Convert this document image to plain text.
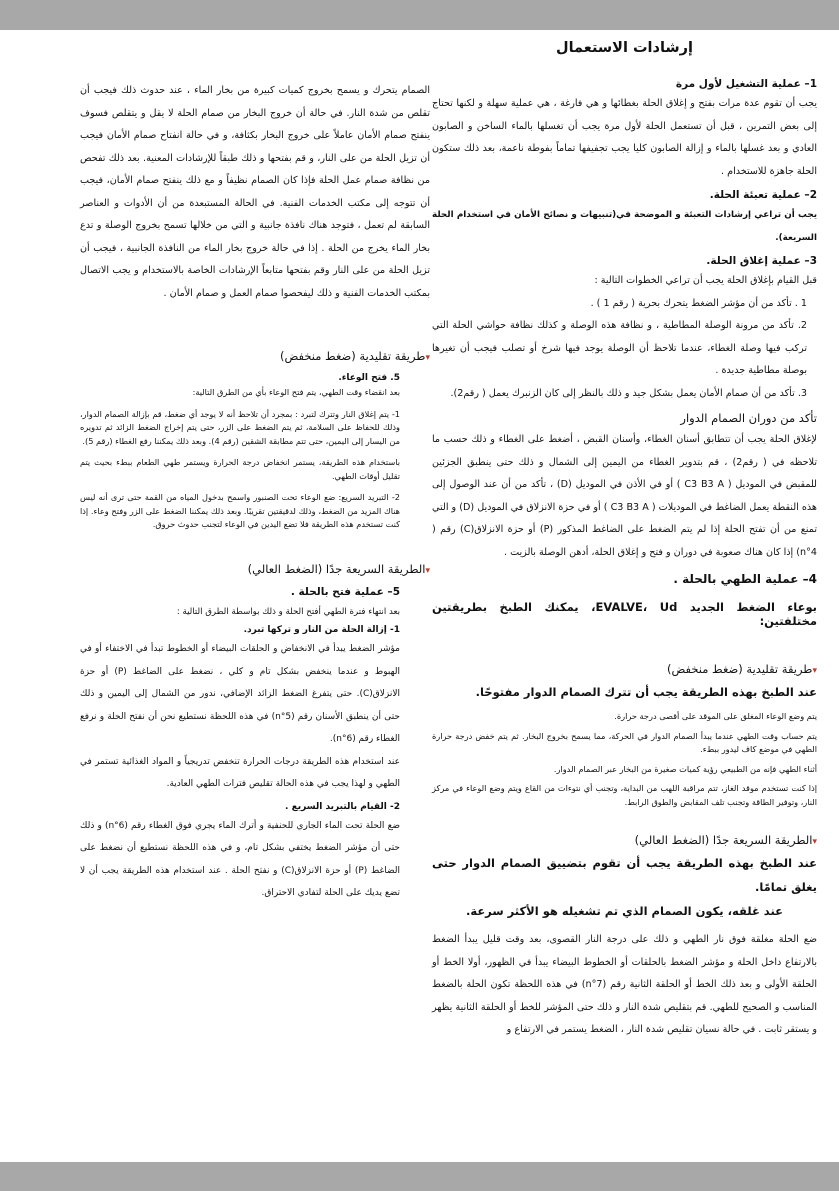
إرشادات الاستعمال
1– عملية التشغيل لأول مرة

يجب أن تقوم عدة مرات بفتح و إغلاق الحلة بغطائها و هي فارغة ، هي عملية سهلة و لكنها تحتاج إلى بعض التمرين ، قبل أن تستعمل الحلة لأول مرة يجب أن تغسلها بالماء الساخن و الصابون العادي و بعد غسلها بالماء و إزالة الصابون كليا يجب تجفيفها تماماً بفوطة ناعمة، بعد ذلك ستكون الحلة جاهزة للاستخدام .

2– عملية تعبئة الحلة.

يجب أن تراعي إرشادات التعبئة و الموضحة في(تنبيهات و نصائح الأمان في استخدام الحلة السريعة).

3– عملية إغلاق الحلة.

قبل القيام بإغلاق الحلة يجب أن تراعي الخطوات التالية :

1 . تأكد من أن مؤشر الضغط يتحرك بحرية ( رقم 1 ) .

2. تأكد من مرونة الوصلة المطاطية ، و نظافة هذه الوصلة و كذلك نظافة حواشي الحلة التي تركب فيها وصلة الغطاء، عندما تلاحظ أن الوصلة يوجد فيها شرخ أو تصلب فيجب أن تغيرها بوصلة مطاطية جديدة .

3. تأكد من أن صمام الأمان يعمل بشكل جيد و ذلك بالنظر إلى كان الزنبرك يعمل ( رقم2).

تأكد من دوران الصمام الدوار

لإغلاق الحلة يجب أن تتطابق أسنان الغطاء، وأسنان القبض ، أضغط على الغطاء و ذلك حسب ما تلاحظه في ( رقم2) ، قم بتدوير الغطاء من اليمين إلى الشمال و ذلك حتى ينطبق الجزئين للمقبض في الموديل ( C3 B3 A ) أو في الأذن في الموديل (D) ، تأكد من أن عند الوصول إلى هذه النقطة يعمل الضاغط في الموديلات ( C3 B3 A ) أو في حزة الانزلاق في الموديل (D) و التي تمنع من أن تفتح الحلة إذا لم يتم الضغط على الضاغط المذكور (P) أو حزة الانزلاق(C) رقم ( n°4) إذا كان هناك صعوبة في دوران و فتح و إغلاق الحلة، أدهن الوصلة بالزيت .

4– عملية الطهي بالحلة .

بوعاء الضغط الجديد EVALVE، Ud، يمكنك الطبخ بطريقتين مختلفتين:

▾طريقة تقليدية (ضغط منخفض)

عند الطبخ بهذه الطريقة يجب أن تترك الصمام الدوار مفتوحًا.

يتم وضع الوعاء المغلق على الموقد على أقصى درجة حرارة.

يتم حساب وقت الطهي عندما يبدأ الصمام الدوار في الحركة، مما يسمح بخروج البخار. ثم يتم خفض درجة حرارة الطهي في موضع كاف ليدور ببطء.

أثناء الطهي فإنه من الطبيعي رؤية كميات صغيرة من البخار عبر الصمام الدوار.

إذا كنت تستخدم موقد الغاز، تتم مراقبة اللهب من البداية، وتجنب أي نتوءات من القاع ويتم وضع الوعاء في مركز النار، وتوفير الطاقة وتجنب تلف المقابض والطوق الرابط.

▾الطريقة السريعة جدًا (الضغط العالي)

عند الطبخ بهذه الطريقة يجب أن تقوم بتضييق الصمام الدوار حتى يغلق تمامًا.

عند غلقه، يكون الصمام الذي تم تشغيله هو الأكثر سرعة.

ضع الحلة مغلقة فوق نار الطهي و ذلك على درجة النار القصوى، بعد وقت قليل يبدأ الضغط بالارتفاع داخل الحلة و مؤشر الضغط بالحلقات أو الخطوط البيضاء يبدأ في الظهور، أولا الخط أو الحلقة الأولى و بعد ذلك الخط أو الحلقة الثانية رقم (n°7) في هذه اللحظة تكون الحلة بالضغط المناسب و الصحيح للطهي. قم بتقليص شدة النار و ذلك حتى المؤشر للخط أو الحلقة الثانية يظهر و يستقر ثابت . في حالة نسيان تقليص شدة النار ، الضغط يستمر في الارتفاع و

الصمام يتحرك و يسمح بخروج كميات كبيرة من بخار الماء ، عند حدوث ذلك فيجب أن تقلص من شدة النار. في حالة أن خروج البخار من صمام الحلة لا يقل و يتقلص فسوف ينفتح صمام الأمان عاملاً على خروج البخار بكثافة، و في حالة انفتاح صمام الأمان فيجب أن تزيل الحلة من على النار، و قم بفتحها و ذلك طبقاً للإرشادات المعنية. بعد ذلك تفحص من نظافة صمام عمل الحلة فإذا كان الصمام نظيفاً و مع ذلك ينفتح صمام الأمان، فيجب أن تتوجه إلى مكتب الخدمات الفنية. في الحالة المستبعدة من أن الأدوات و العناصر السابقة لم تعمل ، فتوجد هناك نافذة جانبية و التي من خلالها تسمح بخروج الوصلة و تدع بخار الماء يخرج من الحلة . إذا في حالة خروج بخار الماء من النافذة الجانبية ، فيجب أن تزيل الحلة من على النار وقم بفتحها متابعاً الإرشادات الخاصة بالاستخدام و يجب الاتصال بمكتب الخدمات الفنية و ذلك ليفحصوا صمام العمل و صمام الأمان .

▾طريقة تقليدية (ضغط منخفض)
5. فتح الوعاء.

بعد انقضاء وقت الطهي، يتم فتح الوعاء بأي من الطرق التالية:

1- يتم إغلاق النار وتترك لتبرد : بمجرد أن تلاحظ أنه لا يوجد أي ضغط، قم بإزالة الصمام الدوار، وذلك للحفاظ على السلامة، ثم يتم الضغط على الزر، حتى يتم إخراج الضغط الزائد ثم تدويره من اليسار إلى اليمين، حتى تتم مطابقة الشقين (رقم 4). وبعد ذلك يمكننا رفع الغطاء (رقم 5).

باستخدام هذه الطريقة، يستمر انخفاض درجة الحرارة ويستمر طهي الطعام ببطء بحيث يتم تقليل أوقات الطهي.

2- التبريد السريع: ضع الوعاء تحت الصنبور واسمح بدخول المياه من القمة حتى ترى أنه ليس هناك المزيد من الضغط، وذلك لدقيقتين تقريبًا. وبعد ذلك يمكننا الضغط على الزر وفتح وعاء. إذا كنت تستخدم هذه الطريقة فلا تضع اليدين في الوعاء لتجنب حدوث حروق.

▾الطريقة السريعة جدًا (الضغط العالي)
5– عملية فتح بالحلة .

بعد انتهاء فترة الطهي أفتح الحلة و ذلك بواسطة الطرق التالية :

1- إزالة الحلة من النار و تركها تبرد.

مؤشر الضغط يبدأ في الانخفاض و الحلقات البيضاء أو الخطوط تبدأ في الاختفاء أو في الهبوط و عندما ينخفض بشكل تام و كلي ، نضغط على الضاغط (P) أو حزة الانزلاق(C). حتى يتفرغ الضغط الزائد الإضافي، ندور من الشمال إلى اليمين و ذلك حتى أن ينطبق الأسنان رقم (n°5) في هذه اللحظة نستطيع نحن أن نفتح الحلة و نرفع الغطاء رقم (n°6).

عند استخدام هذه الطريقة درجات الحرارة تنخفض تدريجياً و المواد الغذائية تستمر في الطهي و لهذا يجب في هذه الحالة تقليص فترات الطهي العادية.

2- القيام بالتبريد السريع .

ضع الحلة تحت الماء الجاري للحنفية و أترك الماء يجري فوق الغطاء رقم (n°6) و ذلك حتى أن مؤشر الضغط يختفي بشكل تام، و في هذه اللحظة نستطيع أن نضغط على الضاغط (P) أو حزة الانزلاق(C) و نفتح الحلة . عند استخدام هذه الطريقة يجب أن لا تضع يديك على الحلة لتفادي الاحتراق.
